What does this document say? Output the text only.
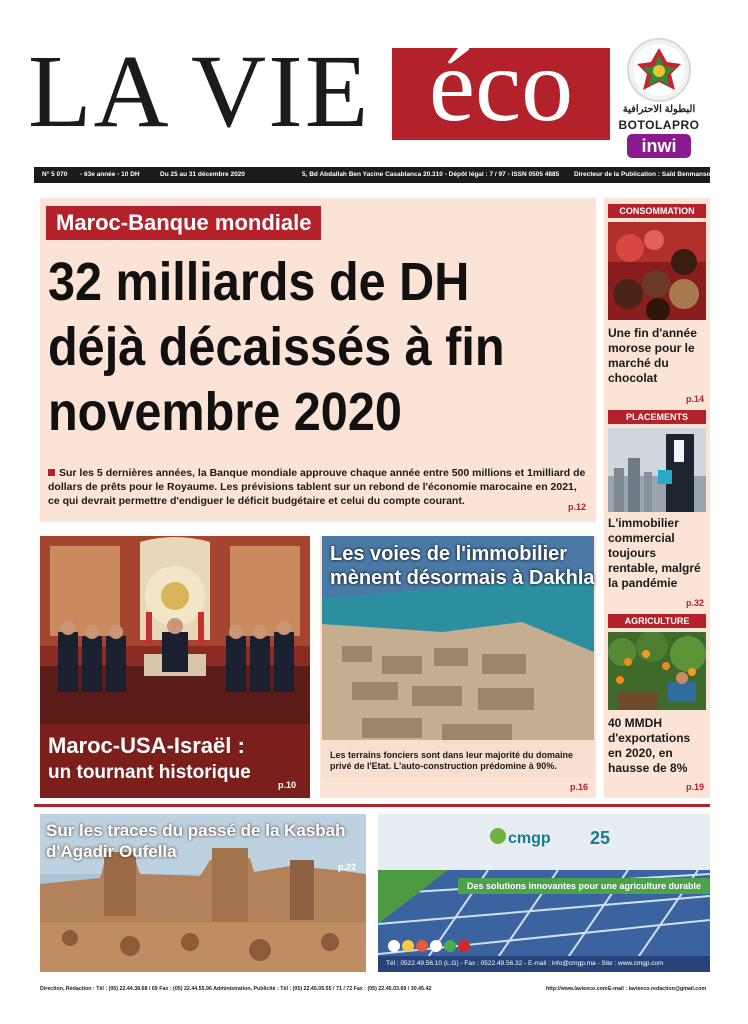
LA VIE éco	البطولة الاحترافية
BOTOLAPRO
inwi
N° 5 070 - 63e année - 10 DH	Du 25 au 31 décembre 2020	5, Bd Abdallah Ben Yacine Casablanca 20.310 - Dépôt légal : 7 / 97 - ISSN 0505 4885 Directeur de la Publication : Saïd Benmansour
Maroc-Banque mondiale
32 milliards de DH déjà décaissés à fin novembre 2020
Sur les 5 dernières années, la Banque mondiale approuve chaque année entre 500 millions et 1milliard de dollars de prêts pour le Royaume. Les prévisions tablent sur un rebond de l'économie marocaine en 2021, ce qui devrait permettre d'endiguer le déficit budgétaire et celui du compte courant.	p.12
CONSOMMATION
Une fin d'année morose pour le marché du chocolat
p.14
PLACEMENTS
L'immobilier commercial toujours rentable, malgré la pandémie
p.32
AGRICULTURE
40 MMDH d'exportations en 2020, en hausse de 8%
p.19
Maroc-USA-Israël :
un tournant historique
p.10
Les voies de l'immobilier
mènent désormais à Dakhla
Les terrains fonciers sont dans leur majorité du domaine privé de l'Etat. L'auto-construction prédomine à 90%.
p.16
Sur les traces du passé de la Kasbah
d'Agadir Oufella
p.22
cmgp 25
Des solutions innovantes pour une agriculture durable
Tél : 0522.49.56.10 (L.G) - Fax : 0522.49.56.32 - E-mail : info@cmgp.ma - Site : www.cmgp.com
Direction, Rédaction : Tél : (05) 22.44.38.68 / 69 Fax : (05) 22.44.55.96 Administration, Publicité : Tél : (05) 22.45.05.55 / 71 / 72 Fax : (05) 22.45.03.69 / 30.45.42	http://www.lavieeco.com E-mail : lavieeco.redaction@gmail.com
